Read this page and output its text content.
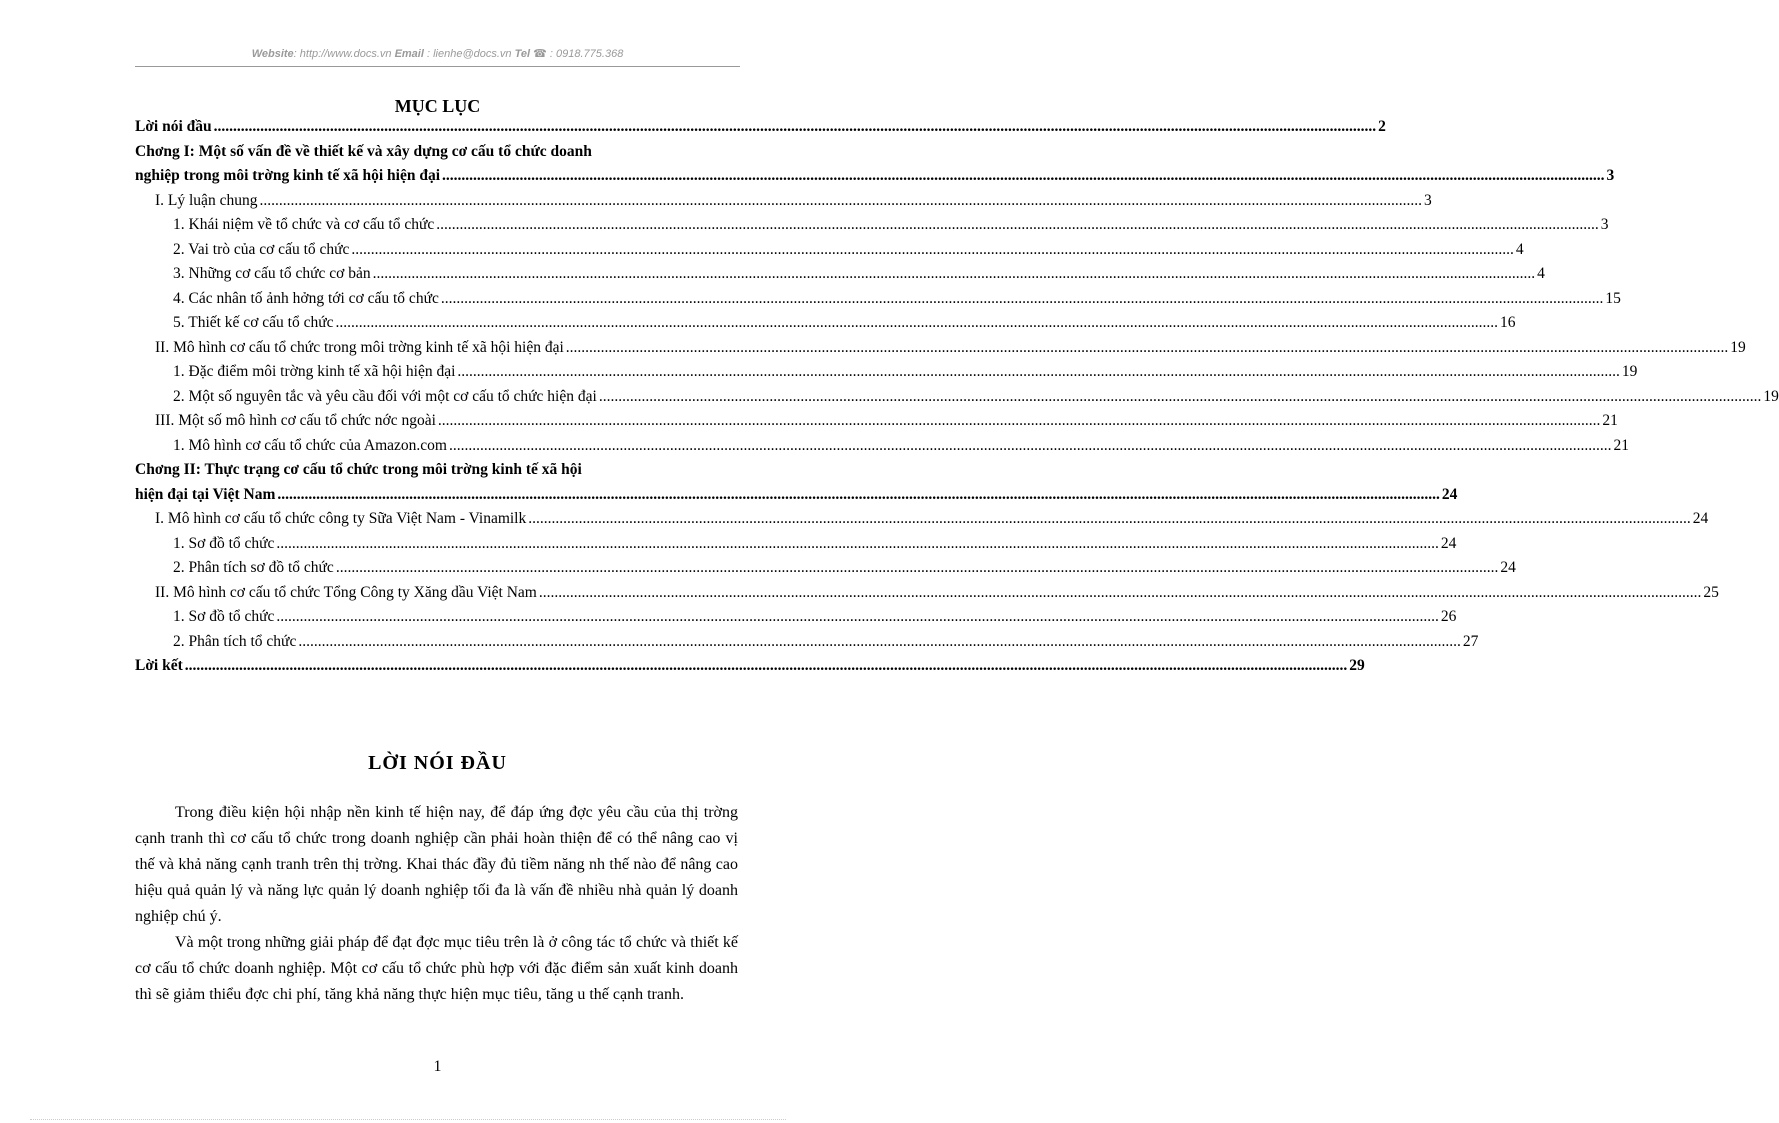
Website: http://www.docs.vn Email : lienhe@docs.vn Tel ☎ : 0918.775.368
MỤC LỤC
Lời nói đầu ............................................................................................................................................................................................................................................................................................................ 2
Chơng I: Một số vấn đề về thiết kế và xây dựng cơ cấu tổ chức doanh
nghiệp trong môi trờng kinh tế xã hội hiện đại ............................................................................................................................................................................................................................................................................................................ 3
I. Lý luận chung ............................................................................................................................................................................................................................................................................................................ 3
1. Khái niệm về tổ chức và cơ cấu tổ chức ............................................................................................................................................................................................................................................................................................................ 3
2. Vai trò của cơ cấu tổ chức ............................................................................................................................................................................................................................................................................................................ 4
3. Những cơ cấu tổ chức cơ bản ............................................................................................................................................................................................................................................................................................................ 4
4. Các nhân tố ảnh hởng tới cơ cấu tổ chức ............................................................................................................................................................................................................................................................................................................ 15
5. Thiết kế cơ cấu tổ chức ............................................................................................................................................................................................................................................................................................................ 16
II. Mô hình cơ cấu tổ chức trong môi trờng kinh tế xã hội hiện đại ............................................................................................................................................................................................................................................................................................................ 19
1. Đặc điểm môi trờng kinh tế xã hội hiện đại ............................................................................................................................................................................................................................................................................................................ 19
2. Một số nguyên tắc và yêu cầu đối với một cơ cấu tổ chức hiện đại ............................................................................................................................................................................................................................................................................................................ 19
III. Một số mô hình cơ cấu tổ chức nớc ngoài ............................................................................................................................................................................................................................................................................................................ 21
1. Mô hình cơ cấu tổ chức của Amazon.com ............................................................................................................................................................................................................................................................................................................ 21
Chơng II: Thực trạng cơ cấu tổ chức trong môi trờng kinh tế xã hội
hiện đại tại Việt Nam ............................................................................................................................................................................................................................................................................................................ 24
I. Mô hình cơ cấu tổ chức công ty Sữa Việt Nam - Vinamilk ............................................................................................................................................................................................................................................................................................................ 24
1. Sơ đồ tổ chức ............................................................................................................................................................................................................................................................................................................ 24
2. Phân tích sơ đồ tổ chức ............................................................................................................................................................................................................................................................................................................ 24
II. Mô hình cơ cấu tổ chức Tổng Công ty Xăng dầu Việt Nam ............................................................................................................................................................................................................................................................................................................ 25
1. Sơ đồ tổ chức ............................................................................................................................................................................................................................................................................................................ 26
2. Phân tích tổ chức ............................................................................................................................................................................................................................................................................................................ 27
Lời kết ............................................................................................................................................................................................................................................................................................................ 29
LỜI NÓI ĐẦU

Trong điều kiện hội nhập nền kinh tế hiện nay, để đáp ứng đợc yêu cầu của thị trờng cạnh tranh thì cơ cấu tổ chức trong doanh nghiệp cần phải hoàn thiện để có thể nâng cao vị thế và khả năng cạnh tranh trên thị trờng. Khai thác đầy đủ tiềm năng nh thế nào để nâng cao hiệu quả quản lý và năng lực quản lý doanh nghiệp tối đa là vấn đề nhiều nhà quản lý doanh nghiệp chú ý.

Và một trong những giải pháp để đạt đợc mục tiêu trên là ở công tác tổ chức và thiết kế cơ cấu tổ chức doanh nghiệp. Một cơ cấu tổ chức phù hợp với đặc điểm sản xuất kinh doanh thì sẽ giảm thiểu đợc chi phí, tăng khả năng thực hiện mục tiêu, tăng u thế cạnh tranh.

1
